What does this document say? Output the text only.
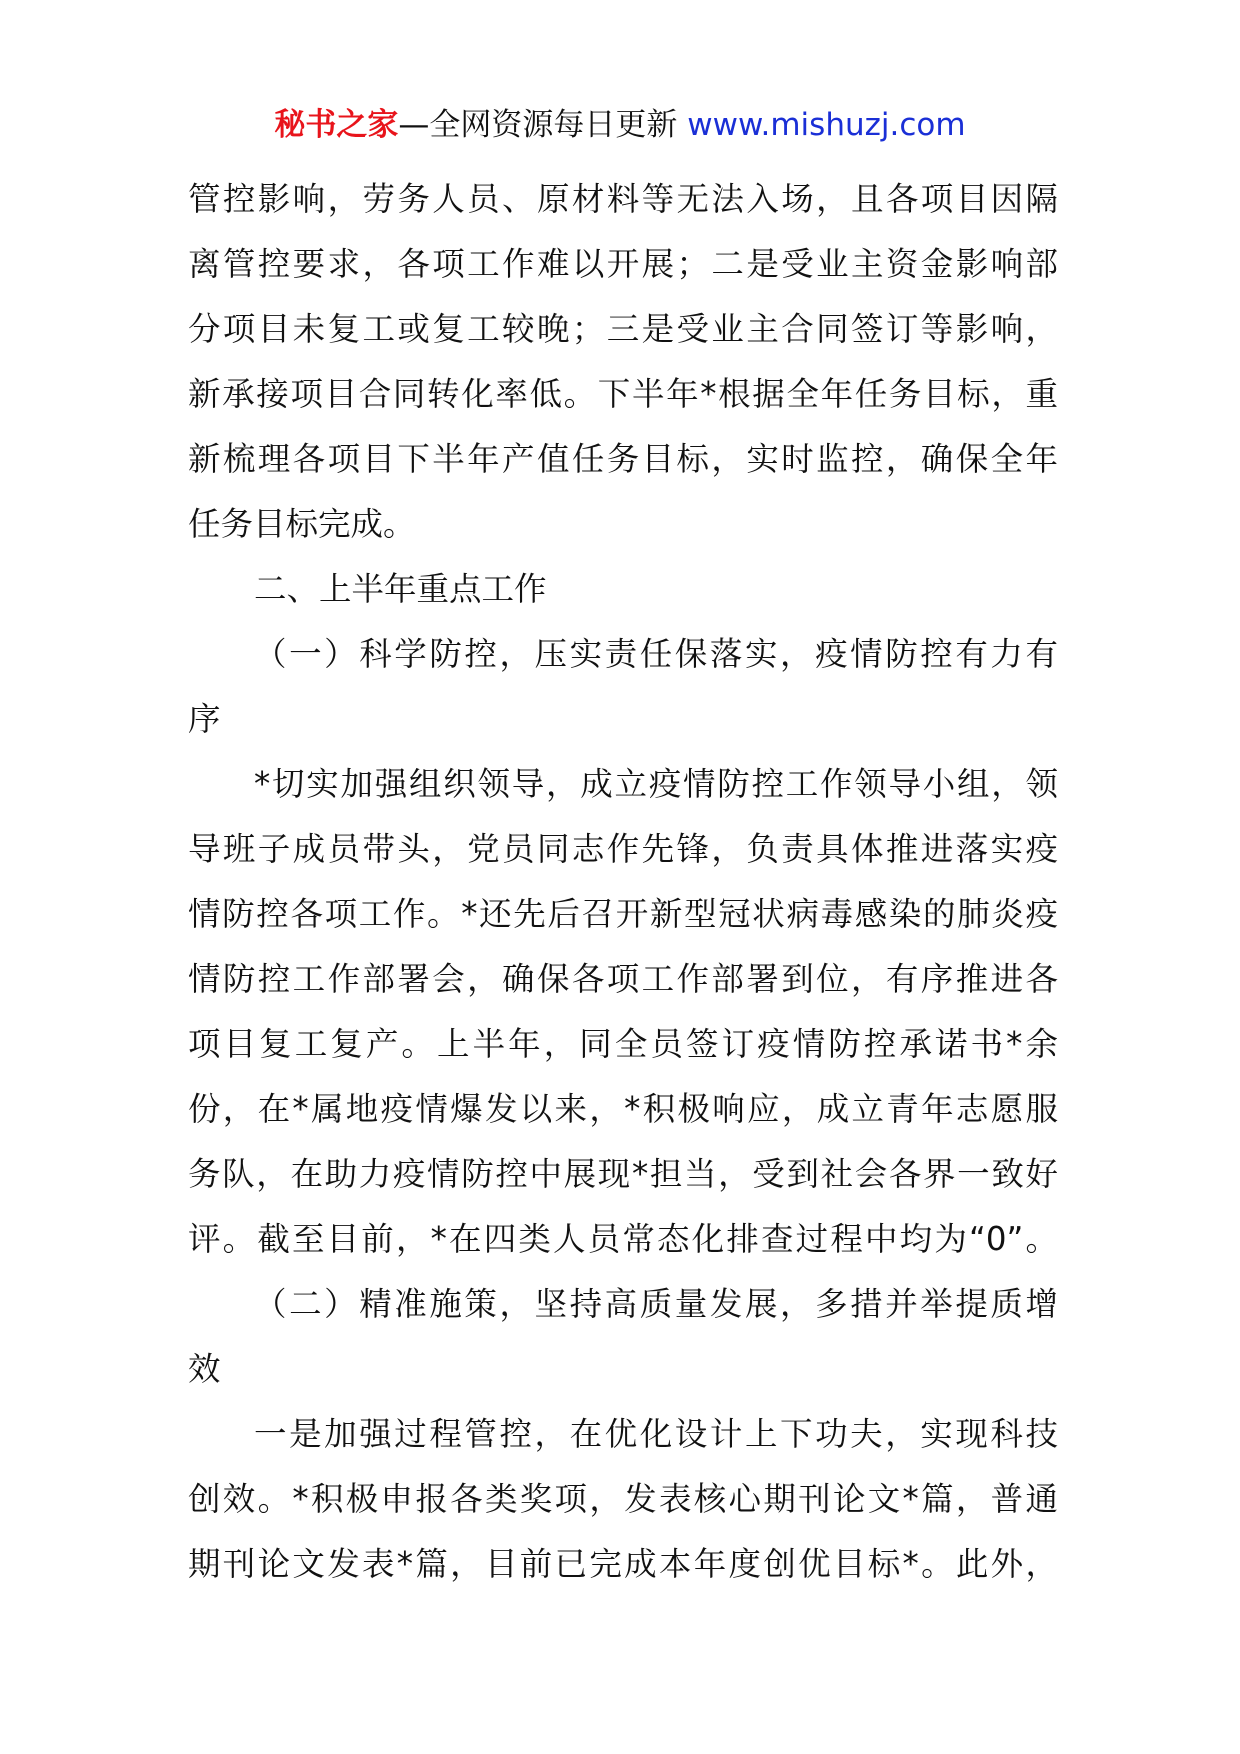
秘书之家—全网资源每日更新 www.mishuzj.com
管控影响，劳务人员、原材料等无法入场，且各项目因隔
离管控要求，各项工作难以开展；二是受业主资金影响部
分项目未复工或复工较晚；三是受业主合同签订等影响，
新承接项目合同转化率低。下半年*根据全年任务目标，重
新梳理各项目下半年产值任务目标，实时监控，确保全年
任务目标完成。
二、上半年重点工作
（一）科学防控，压实责任保落实，疫情防控有力有
序
*切实加强组织领导，成立疫情防控工作领导小组，领
导班子成员带头，党员同志作先锋，负责具体推进落实疫
情防控各项工作。*还先后召开新型冠状病毒感染的肺炎疫
情防控工作部署会，确保各项工作部署到位，有序推进各
项目复工复产。上半年，同全员签订疫情防控承诺书*余
份，在*属地疫情爆发以来，*积极响应，成立青年志愿服
务队，在助力疫情防控中展现*担当，受到社会各界一致好
评。截至目前，*在四类人员常态化排查过程中均为“0”。
（二）精准施策，坚持高质量发展，多措并举提质增
效
一是加强过程管控，在优化设计上下功夫，实现科技
创效。*积极申报各类奖项，发表核心期刊论文*篇，普通
期刊论文发表*篇，目前已完成本年度创优目标*。此外，
